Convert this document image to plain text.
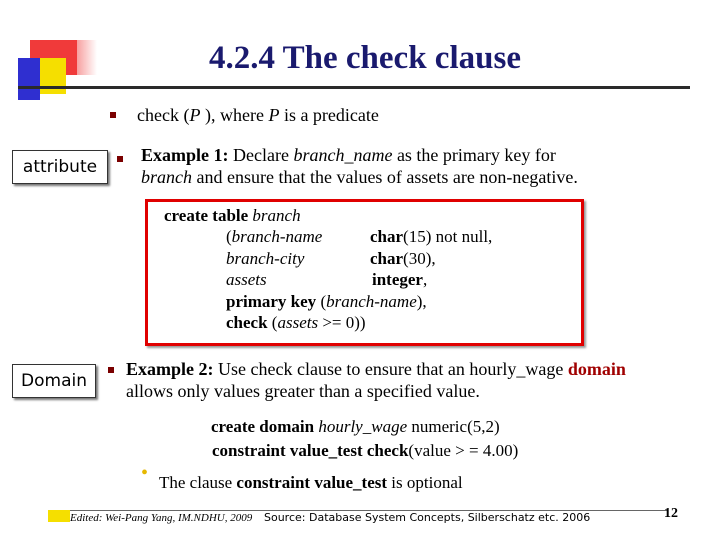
4.2.4 The check clause
check (P ), where P is a predicate
attribute
Example 1: Declare branch_name as the primary key for
branch and ensure that the values of assets are non-negative.
create table branch
(branch-name	char(15) not null,
branch-city	char(30),
assets	integer,
primary key (branch-name),
check (assets >= 0))
Domain
Example 2: Use check clause to ensure that an hourly_wage domain
allows only values greater than a specified value.
create domain hourly_wage numeric(5,2)
constraint value_test check(value > = 4.00)
• The clause constraint value_test is optional
Edited: Wei-Pang Yang, IM.NDHU, 2009 Source: Database System Concepts, Silberschatz etc. 2006	12
